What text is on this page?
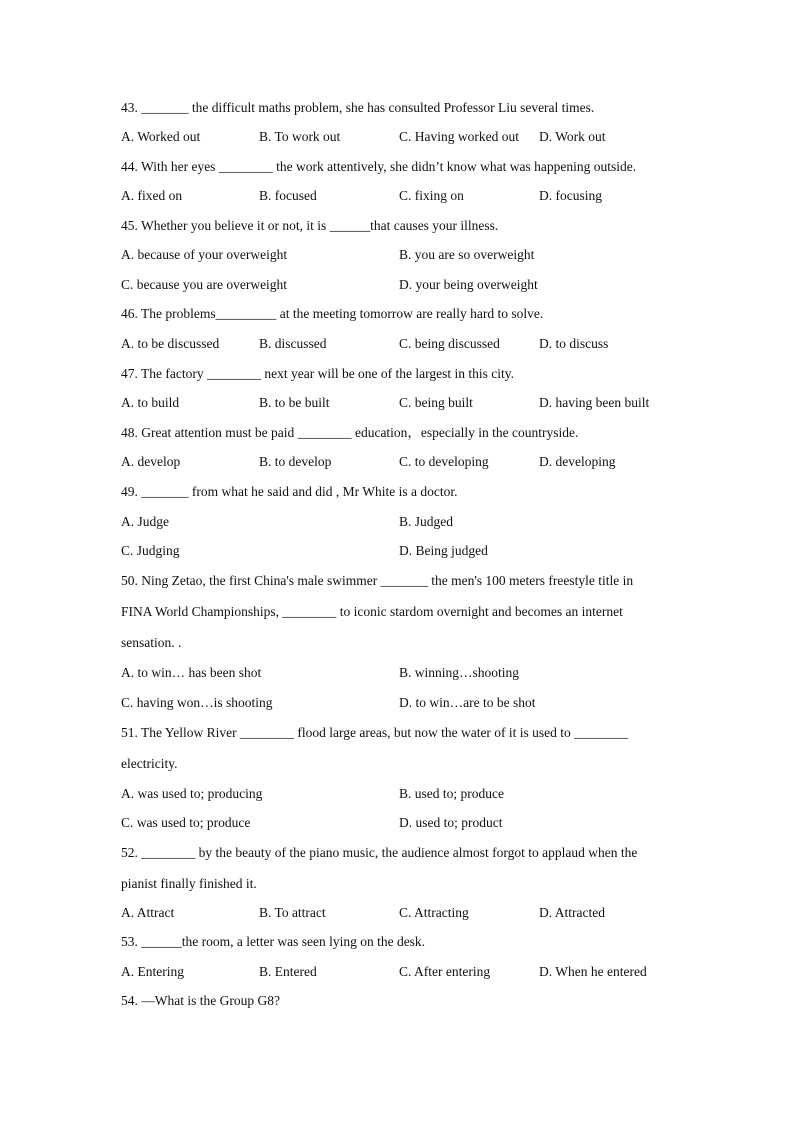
43. _______ the difficult maths problem, she has consulted Professor Liu several times.
A. Worked out	B. To work out	C. Having worked out D. Work out
44. With her eyes ________ the work attentively, she didn’t know what was happening outside.
A. fixed on	B. focused	C. fixing on	D. focusing
45. Whether you believe it or not, it is ______that causes your illness.
A. because of your overweight	B. you are so overweight
C. because you are overweight	D. your being overweight
46. The problems_________ at the meeting tomorrow are really hard to solve.
A. to be discussed	B. discussed	C. being discussed	D. to discuss
47. The factory ________ next year will be one of the largest in this city.
A. to build	B. to be built	C. being built	D. having been built
48. Great attention must be paid ________ education，especially in the countryside.
A. develop	B. to develop	C. to developing	D. developing
49. _______ from what he said and did , Mr White is a doctor.
A. Judge	B. Judged
C. Judging	D. Being judged
50. Ning Zetao, the first China's male swimmer _______ the men's 100 meters freestyle title in
FINA World Championships, ________ to iconic stardom overnight and becomes an internet
sensation. .
A. to win… has been shot	B. winning…shooting
C. having won…is shooting	D. to win…are to be shot
51. The Yellow River ________ flood large areas, but now the water of it is used to ________
electricity.
A. was used to; producing	B. used to; produce
C. was used to; produce	D. used to; product
52. ________ by the beauty of the piano music, the audience almost forgot to applaud when the
pianist finally finished it.
A. Attract	B. To attract	C. Attracting	D. Attracted
53. ______the room, a letter was seen lying on the desk.
A. Entering	B. Entered	C. After entering	D. When he entered
54. —What is the Group G8?
